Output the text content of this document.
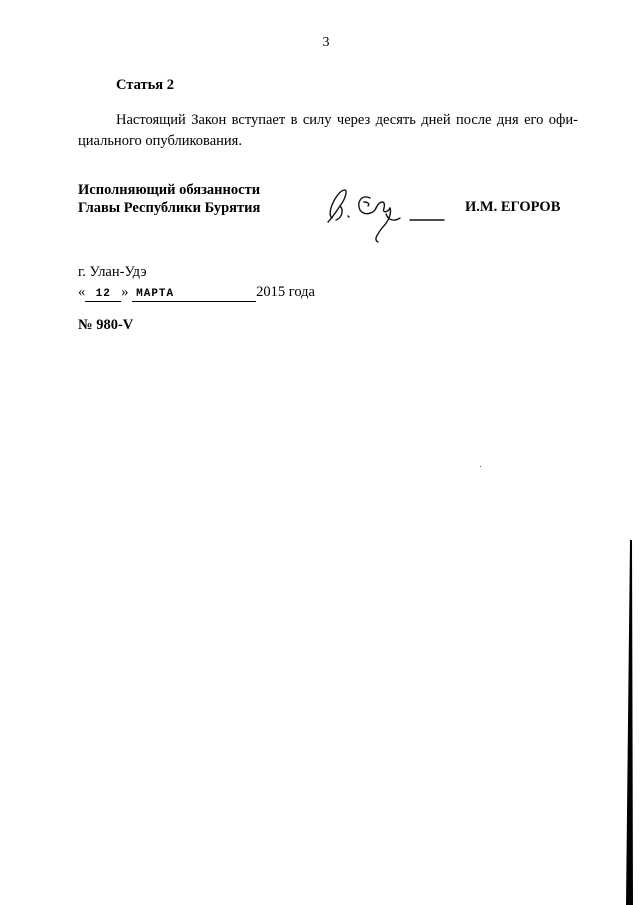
3
Статья 2
Настоящий Закон вступает в силу через десять дней после дня его офи-
циального опубликования.
Исполняющий обязанности
Главы Республики Бурятия	И.М. ЕГОРОВ
г. Улан-Удэ
« 12 » МАРТА	2015 года
№ 980-V
